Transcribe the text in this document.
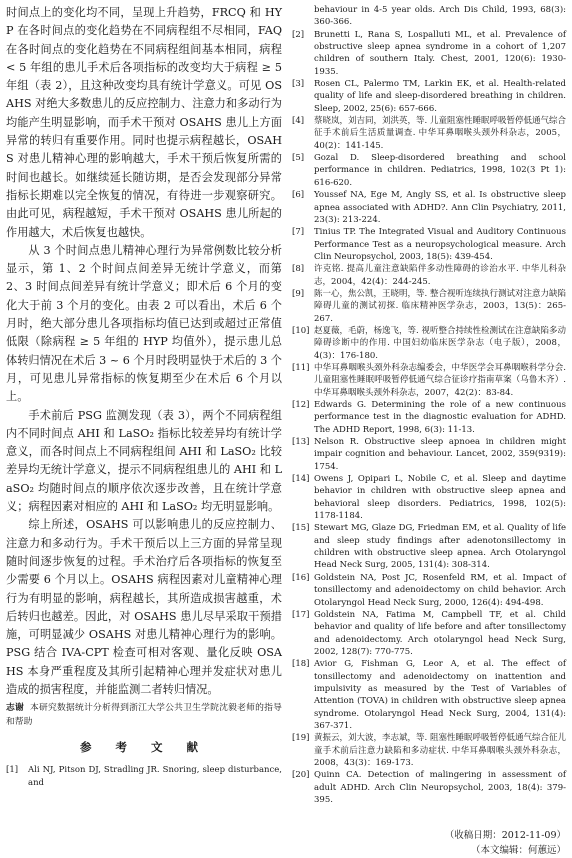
时间点上的变化均不同，呈现上升趋势，FRCQ 和 HYP 在各时间点的变化趋势在不同病程组不尽相同，FAQ 在各时间点的变化趋势在不同病程组间基本相同，病程 < 5 年组的患儿手术后各项指标的改变均大于病程 ≥ 5 年组（表 2），且这种改变均具有统计学意义。可见 OSAHS 对绝大多数患儿的反应控制力、注意力和多动行为均能产生明显影响，而手术干预对 OSAHS 患儿上方面异常的转归有重要作用。同时也提示病程越长，OSAHS 对患儿精神心理的影响越大，手术干预后恢复所需的时间也越长。如继续延长随访期，是否会发现部分异常指标长期难以完全恢复的情况，有待进一步观察研究。由此可见，病程越短，手术干预对 OSAHS 患儿所起的作用越大，术后恢复也越快。

从 3 个时间点患儿精神心理行为异常例数比较分析显示，第 1、2 个时间点间差异无统计学意义，而第 2、3 时间点间差异有统计学意义；即术后 6 个月的变化大于前 3 个月的变化。由表 2 可以看出，术后 6 个月时，绝大部分患儿各项指标均值已达到或超过正常值低限（除病程 ≥ 5 年组的 HYP 均值外），提示患儿总体转归情况在术后 3 ~ 6 个月时段明显快于术后的 3 个月，可见患儿异常指标的恢复期至少在术后 6 个月以上。

手术前后 PSG 监测发现（表 3），两个不同病程组内不同时间点 AHI 和 LaSO₂ 指标比较差异均有统计学意义，而各时间点上不同病程组间 AHI 和 LaSO₂ 比较差异均无统计学意义，提示不同病程组患儿的 AHI 和 LaSO₂ 均随时间点的顺序依次逐步改善，且在统计学意义；病程因素对相应的 AHI 和 LaSO₂ 均无明显影响。

综上所述，OSAHS 可以影响患儿的反应控制力、注意力和多动行为。手术干预后以上三方面的异常呈现随时间逐步恢复的过程。手术治疗后各项指标的恢复至少需要 6 个月以上。OSAHS 病程因素对儿童精神心理行为有明显的影响，病程越长，其所造成损害越重，术后转归也越差。因此，对 OSAHS 患儿尽早采取干预措施，可明显减少 OSAHS 对患儿精神心理行为的影响。PSG 结合 IVA-CPT 检查可相对客观、量化反映 OSAHS 本身严重程度及其所引起精神心理并发症状对患儿造成的损害程度，并能监测二者转归情况。

志谢 本研究数据统计分析得到浙江大学公共卫生学院沈毅老师的指导和帮助

参 考 文 献
[1] Ali NJ, Pitson DJ, Stradling JR. Snoring, sleep disturbance, and
behaviour in 4-5 year olds. Arch Dis Child, 1993, 68(3): 360-366.
[2] Brunetti L, Rana S, Lospalluti ML, et al. Prevalence of obstructive sleep apnea syndrome in a cohort of 1,207 children of southern Italy. Chest, 2001, 120(6): 1930-1935.
[3] Rosen CL, Palermo TM, Larkin EK, et al. Health-related quality of life and sleep-disordered breathing in children. Sleep, 2002, 25(6): 657-666.
[4] 蔡晓岚，刘吉同，刘洪英，等. 儿童阻塞性睡眠呼吸暂停低通气综合征手术前后生活质量调查. 中华耳鼻咽喉头颈外科杂志，2005，40(2)：141-145.
[5] Gozal D. Sleep-disordered breathing and school performance in children. Pediatrics, 1998, 102(3 Pt 1): 616-620.
[6] Youssef NA, Ege M, Angly SS, et al. Is obstructive sleep apnea associated with ADHD?. Ann Clin Psychiatry, 2011, 23(3): 213-224.
[7] Tinius TP. The Integrated Visual and Auditory Continuous Performance Test as a neuropsychological measure. Arch Clin Neuropsychol, 2003, 18(5): 439-454.
[8] 许克铭. 提高儿童注意缺陷伴多动性障碍的诊治水平. 中华儿科杂志，2004，42(4)：244-245.
[9] 陈一心，焦公凯，王晓明，等. 整合视听连续执行测试对注意力缺陷障碍儿童的测试初探. 临床精神医学杂志，2003，13(5)：265-267.
[10] 赵夏薇，毛蔚，杨逸飞，等. 视听整合持续性检测试在注意缺陷多动障碍诊断中的作用. 中国妇幼临床医学杂志（电子版），2008，4(3)：176-180.
[11] 中华耳鼻咽喉头颈外科杂志编委会，中华医学会耳鼻咽喉科学分会. 儿童阻塞性睡眠呼吸暂停低通气综合征诊疗指南草案（乌鲁木齐）. 中华耳鼻咽喉头颈外科杂志，2007，42(2)：83-84.
[12] Edwards G. Determining the role of a new continuous performance test in the diagnostic evaluation for ADHD. The ADHD Report, 1998, 6(3): 11-13.
[13] Nelson R. Obstructive sleep apnoea in children might impair cognition and behaviour. Lancet, 2002, 359(9319): 1754.
[14] Owens J, Opipari L, Nobile C, et al. Sleep and daytime behavior in children with obstructive sleep apnea and behavioral sleep disorders. Pediatrics, 1998, 102(5): 1178-1184.
[15] Stewart MG, Glaze DG, Friedman EM, et al. Quality of life and sleep study findings after adenotonsillectomy in children with obstructive sleep apnea. Arch Otolaryngol Head Neck Surg, 2005, 131(4): 308-314.
[16] Goldstein NA, Post JC, Rosenfeld RM, et al. Impact of tonsillectomy and adenoidectomy on child behavior. Arch Otolaryngol Head Neck Surg, 2000, 126(4): 494-498.
[17] Goldstein NA, Fatima M, Campbell TF, et al. Child behavior and quality of life before and after tonsillectomy and adenoidectomy. Arch otolaryngol head Neck Surg, 2002, 128(7): 770-775.
[18] Avior G, Fishman G, Leor A, et al. The effect of tonsillectomy and adenoidectomy on inattention and impulsivity as measured by the Test of Variables of Attention (TOVA) in children with obstructive sleep apnea syndrome. Otolaryngol Head Neck Surg, 2004, 131(4): 367-371.
[19] 黄振云，刘大波，李志斌，等. 阻塞性睡眠呼吸暂停低通气综合征儿童手术前后注意力缺陷和多动症状. 中华耳鼻咽喉头颈外科杂志，2008，43(3)：169-173.
[20] Quinn CA. Detection of malingering in assessment of adult ADHD. Arch Clin Neuropsychol, 2003, 18(4): 379-395.
（收稿日期：2012-11-09）
（本文编辑：何蕙远）
